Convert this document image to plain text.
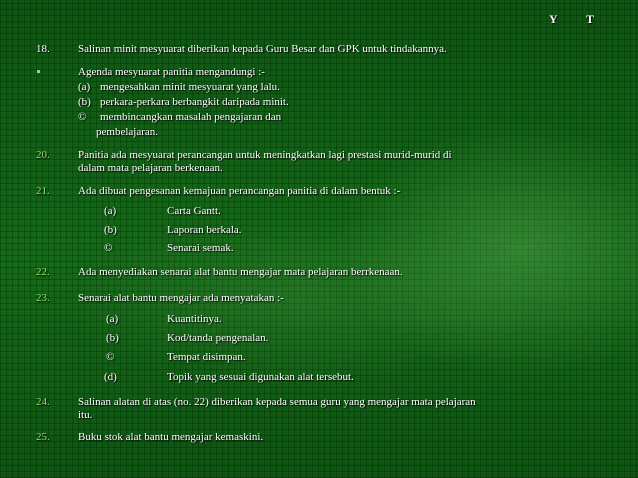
Y T
18.	Salinan minit mesyuarat diberikan kepada Guru Besar dan GPK untuk tindakannya.
Agenda mesyuarat panitia mengandungi :-
(a) mengesahkan minit mesyuarat yang lalu.
(b) perkara-perkara berbangkit daripada minit.
© membincangkan masalah pengajaran dan
pembelajaran.
20.	Panitia ada mesyuarat perancangan untuk meningkatkan lagi prestasi murid-murid di
dalam mata pelajaran berkenaan.
21.	Ada dibuat pengesanan kemajuan perancangan panitia di dalam bentuk :-
(a)	Carta Gantt.
(b)	Laporan berkala.
©	Senarai semak.
22.	Ada menyediakan senarai alat bantu mengajar mata pelajaran berrkenaan.
23.	Senarai alat bantu mengajar ada menyatakan :-
(a)	Kuantitinya.
(b)	Kod/tanda pengenalan.
©	Tempat disimpan.
(d)	Topik yang sesuai digunakan alat tersebut.
24.	Salinan alatan di atas (no. 22) diberikan kepada semua guru yang mengajar mata pelajaran
itu.
25.	Buku stok alat bantu mengajar kemaskini.
